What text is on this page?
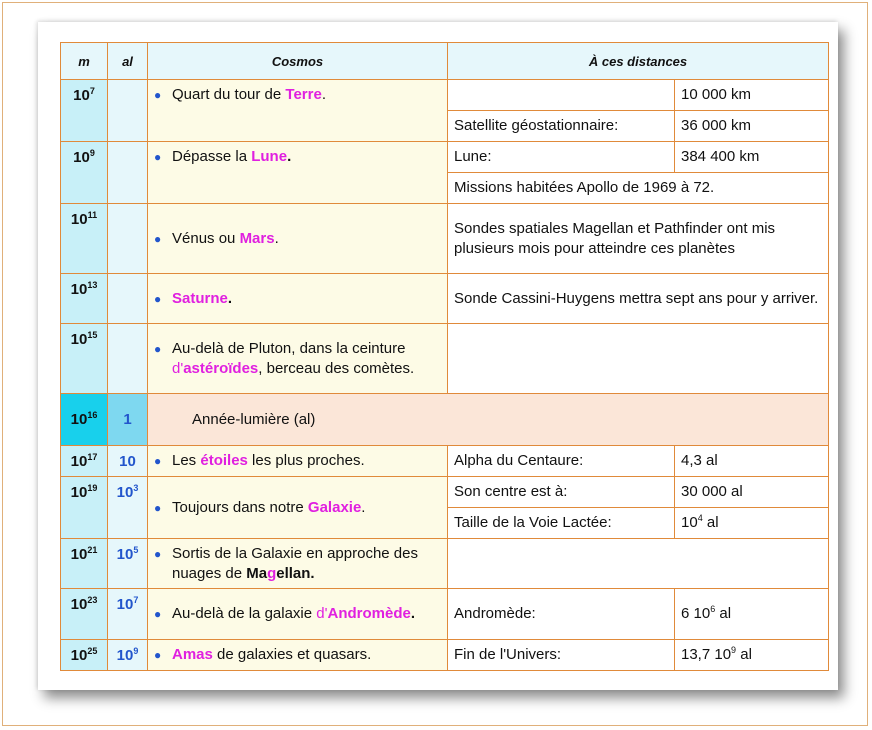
m	al	Cosmos	À ces distances	
$10^7$		● Quart du tour de Terre.		10 000 km
			Satellite géostationnaire:	36 000 km
$10^9$		● Dépasse la Lune.	Lune:	384 400 km
			Missions habitées Apollo de 1969 à 72.	
$10^{11}$		● Vénus ou Mars.	Sondes spatiales Magellan et Pathfinder ont mis plusieurs mois pour atteindre ces planètes	
$10^{13}$		● Saturne.	Sonde Cassini-Huygens mettra sept ans pour y arriver.	
$10^{15}$		● Au-delà de Pluton, dans la ceinture d'astéroïdes, berceau des comètes.		

$10^{16}$	1	Année-lumière (al)		
$10^{17}$	10	● Les étoiles les plus proches.	Alpha du Centaure:	4,3 al
$10^{19}$	$10^3$	● Toujours dans notre Galaxie.	Son centre est à:	30 000 al
			Taille de la Voie Lactée:	$10^4$ al
$10^{21}$	$10^5$	● Sortis de la Galaxie en approche des nuages de Magellan.		

$10^{23}$	$10^7$	● Au-delà de la galaxie d'Andromède.	Andromède:	6 $10^6$ al
$10^{25}$	$10^9$	● Amas de galaxies et quasars.	Fin de l'Univers:	13,7 $10^9$ al
